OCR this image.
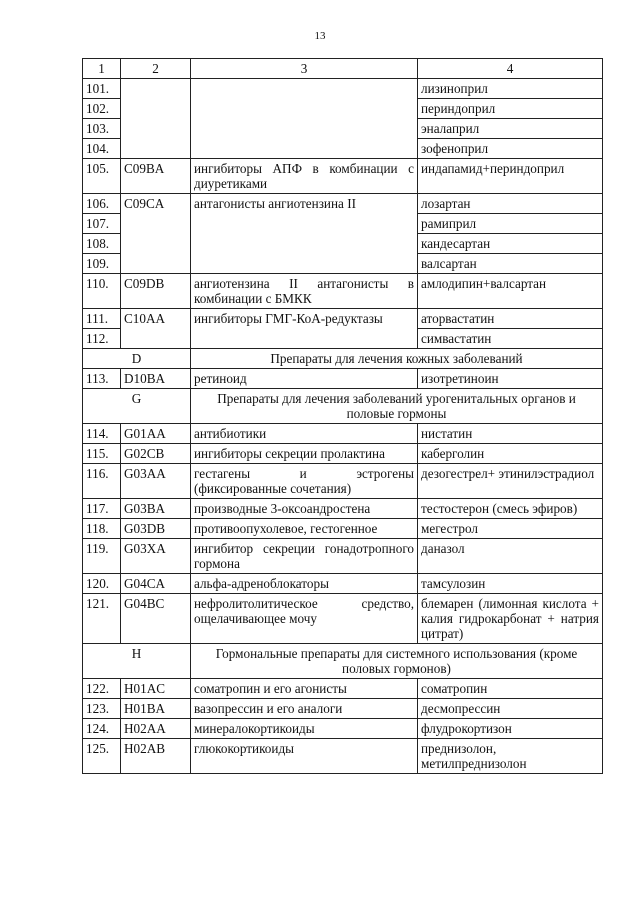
13
1	2	3	4
101.			лизиноприл
102.			периндоприл
103.			эналаприл
104.			зофеноприл
105.	C09BA	ингибиторы АПФ в комбинации с диуретиками	индапамид+периндоприл
106.	C09CA	антагонисты ангиотензина II	лозартан
107.			рамиприл
108.			кандесартан
109.			валсартан
110.	C09DB	ангиотензина II антагонисты в комбинации с БМКК	амлодипин+валсартан
111.	C10AA	ингибиторы ГМГ-КоА-редуктазы	аторвастатин
112.			симвастатин
D		Препараты для лечения кожных заболеваний	
113.	D10BA	ретиноид	изотретиноин
G		Препараты для лечения заболеваний урогенитальных органов и половые гормоны	
114.	G01AA	антибиотики	нистатин
115.	G02CB	ингибиторы секреции пролактина	каберголин
116.	G03AA	гестагены и эстрогены (фиксированные сочетания)	дезогестрел+ этинилэстрадиол
117.	G03BA	производные 3-оксоандростена	тестостерон (смесь эфиров)
118.	G03DB	противоопухолевое, гестогенное	мегестрол
119.	G03XA	ингибитор секреции гонадотропного гормона	даназол
120.	G04CA	альфа-адреноблокаторы	тамсулозин
121.	G04BC	нефролитолитическое средство, ощелачивающее мочу	блемарен (лимонная кислота + калия гидрокарбонат + натрия цитрат)
H		Гормональные препараты для системного использования (кроме половых гормонов)	
122.	H01AC	соматропин и его агонисты	соматропин
123.	H01BA	вазопрессин и его аналоги	десмопрессин
124.	H02AA	минералокортикоиды	флудрокортизон
125.	H02AB	глюкокортикоиды	преднизолон, метилпреднизолон
